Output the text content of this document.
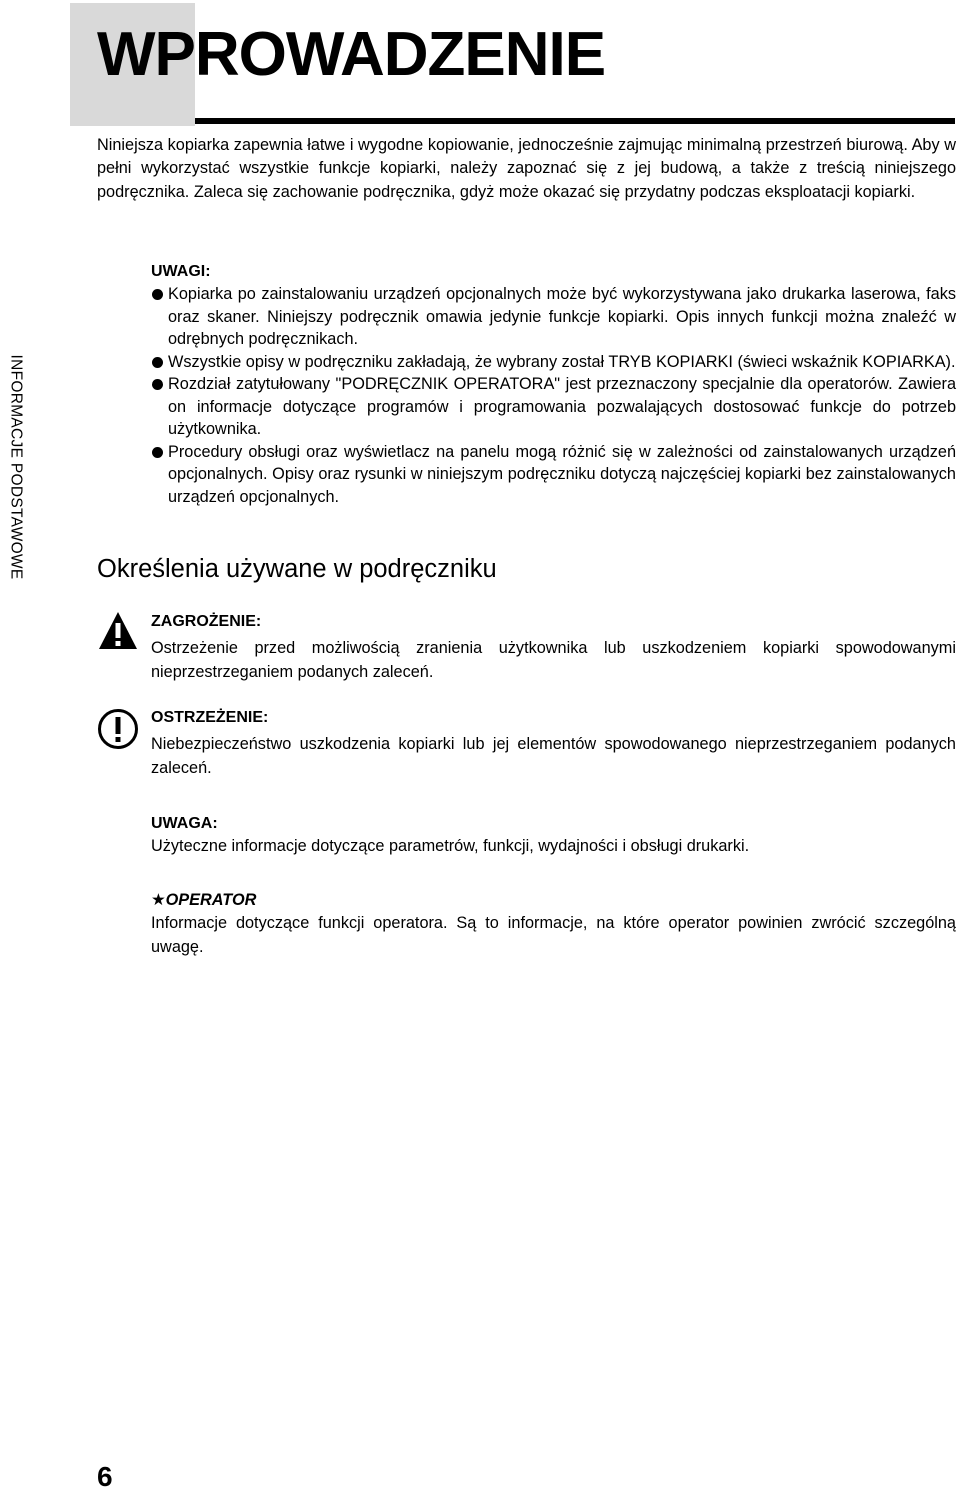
WPROWADZENIE
INFORMACJE PODSTAWOWE

Niniejsza kopiarka zapewnia łatwe i wygodne kopiowanie, jednocześnie zajmując minimalną przestrzeń biurową. Aby w pełni wykorzystać wszystkie funkcje kopiarki, należy zapoznać się z jej budową, a także z treścią niniejszego podręcznika. Zaleca się zachowanie podręcznika, gdyż może okazać się przydatny podczas eksploatacji kopiarki.

UWAGI:

Kopiarka po zainstalowaniu urządzeń opcjonalnych może być wykorzystywana jako drukarka laserowa, faks oraz skaner. Niniejszy podręcznik omawia jedynie funkcje kopiarki. Opis innych funkcji można znaleźć w odrębnych podręcznikach.
Wszystkie opisy w podręczniku zakładają, że wybrany został TRYB KOPIARKI (świeci wskaźnik KOPIARKA).
Rozdział zatytułowany "PODRĘCZNIK OPERATORA" jest przeznaczony specjalnie dla operatorów. Zawiera on informacje dotyczące programów i programowania pozwalających dostosować funkcje do potrzeb użytkownika.
Procedury obsługi oraz wyświetlacz na panelu mogą różnić się w zależności od zainstalowanych urządzeń opcjonalnych. Opisy oraz rysunki w niniejszym podręczniku dotyczą najczęściej kopiarki bez zainstalowanych urządzeń opcjonalnych.
Określenia używane w podręczniku

ZAGROŻENIE:

Ostrzeżenie przed możliwością zranienia użytkownika lub uszkodzeniem kopiarki spowodowanymi nieprzestrzeganiem podanych zaleceń.

OSTRZEŻENIE:

Niebezpieczeństwo uszkodzenia kopiarki lub jej elementów spowodowanego nieprzestrzeganiem podanych zaleceń.

UWAGA:

Użyteczne informacje dotyczące parametrów, funkcji, wydajności i obsługi drukarki.

★OPERATOR

Informacje dotyczące funkcji operatora. Są to informacje, na które operator powinien zwrócić szczególną uwagę.

6
